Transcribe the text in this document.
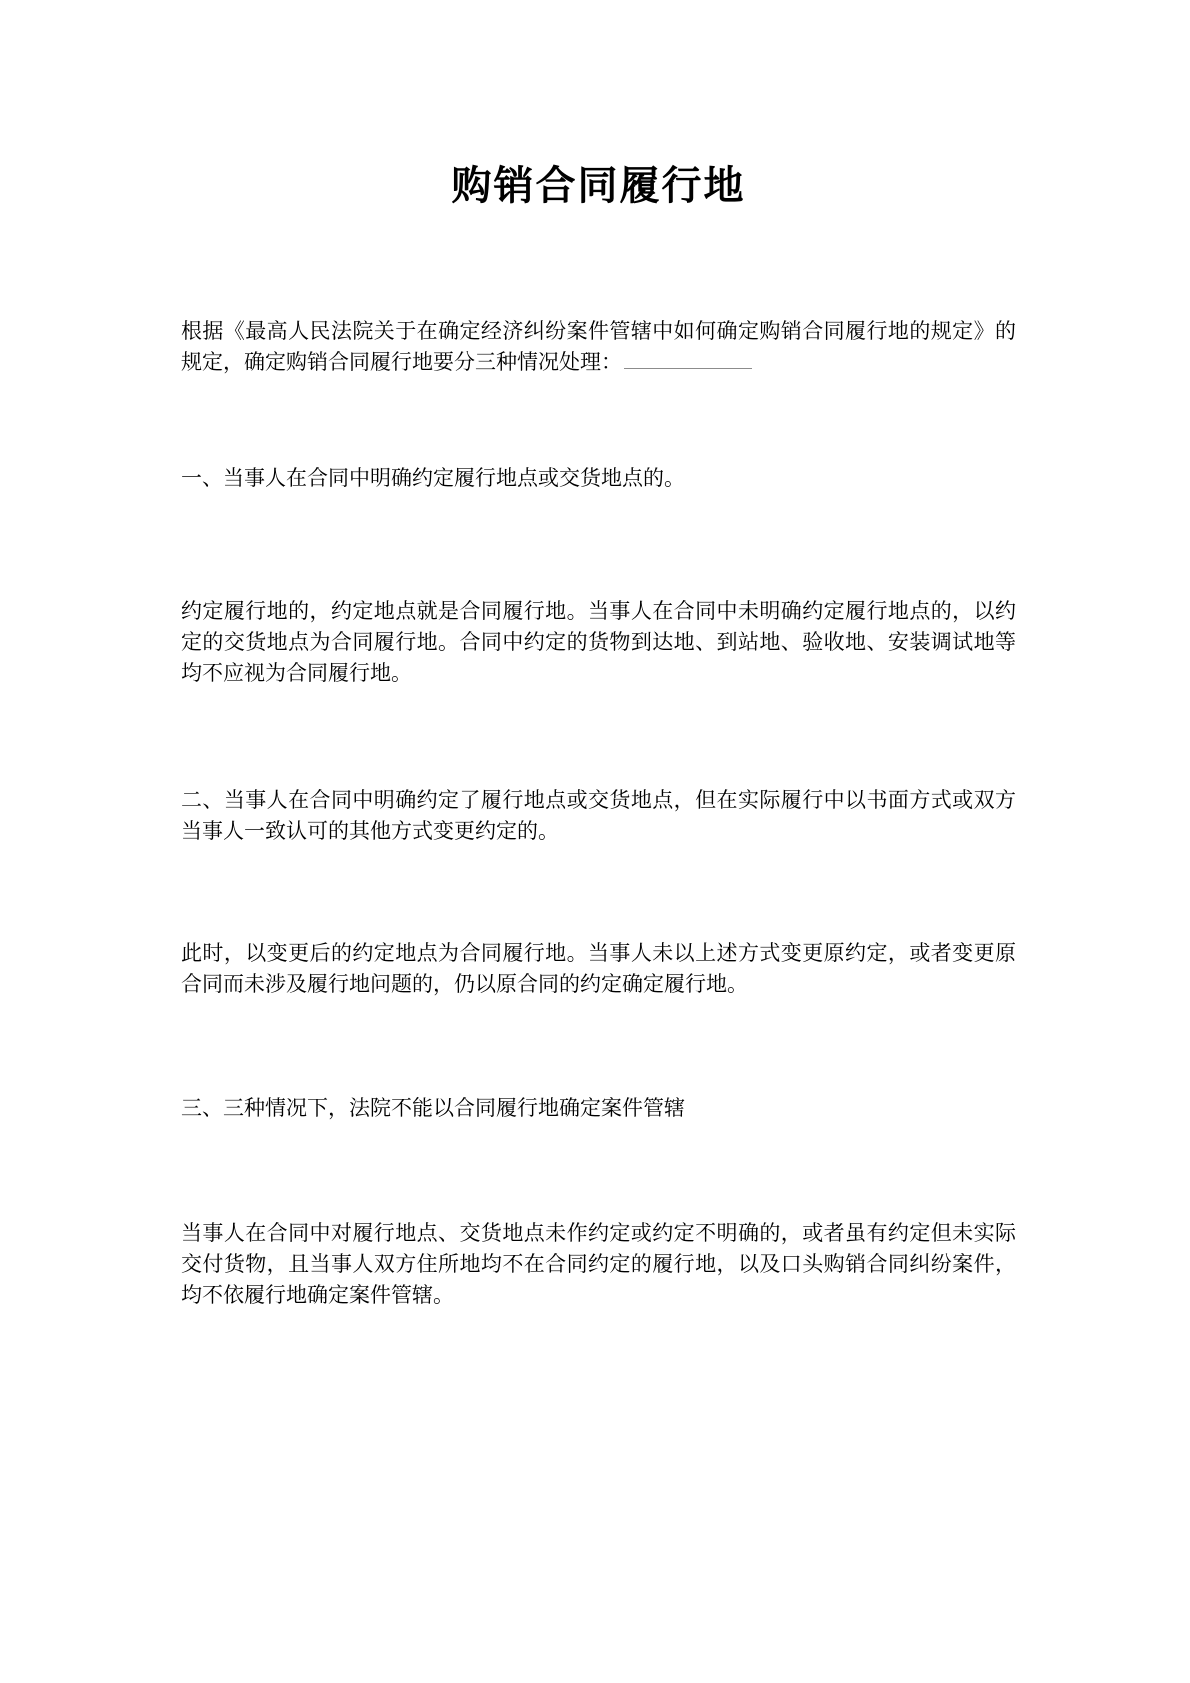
购销合同履行地

根据《最高人民法院关于在确定经济纠纷案件管辖中如何确定购销合同履行地的规定》的规定，确定购销合同履行地要分三种情况处理：

一、当事人在合同中明确约定履行地点或交货地点的。

约定履行地的，约定地点就是合同履行地。当事人在合同中未明确约定履行地点的，以约定的交货地点为合同履行地。合同中约定的货物到达地、到站地、验收地、安装调试地等均不应视为合同履行地。

二、当事人在合同中明确约定了履行地点或交货地点，但在实际履行中以书面方式或双方当事人一致认可的其他方式变更约定的。

此时，以变更后的约定地点为合同履行地。当事人未以上述方式变更原约定，或者变更原合同而未涉及履行地问题的，仍以原合同的约定确定履行地。

三、三种情况下，法院不能以合同履行地确定案件管辖

当事人在合同中对履行地点、交货地点未作约定或约定不明确的，或者虽有约定但未实际交付货物，且当事人双方住所地均不在合同约定的履行地，以及口头购销合同纠纷案件，均不依履行地确定案件管辖。
